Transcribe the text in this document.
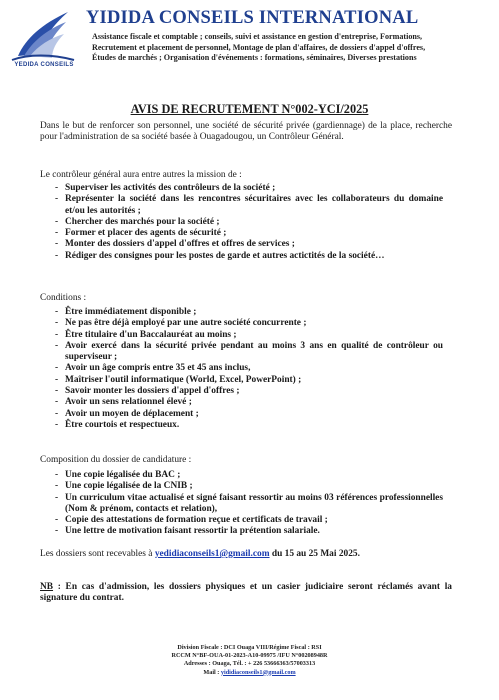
YEDIDA CONSEILS
YIDIDA CONSEILS INTERNATIONAL
Assistance fiscale et comptable ; conseils, suivi et assistance en gestion d'entreprise, Formations,
Recrutement et placement de personnel, Montage de plan d'affaires, de dossiers d'appel d'offres,
Études de marchés ; Organisation d'événements : formations, séminaires, Diverses prestations
AVIS DE RECRUTEMENT N°002-YCI/2025
Dans le but de renforcer son personnel, une société de sécurité privée (gardiennage) de la place, recherche pour l'administration de sa société basée à Ouagadougou, un Contrôleur Général.
Le contrôleur général aura entre autres la mission de :
- Superviser les activités des contrôleurs de la société ;
- Représenter la société dans les rencontres sécuritaires avec les collaborateurs du domaine et/ou les autorités ;
- Chercher des marchés pour la société ;
- Former et placer des agents de sécurité ;
- Monter des dossiers d'appel d'offres et offres de services ;
- Rédiger des consignes pour les postes de garde et autres actictités de la société…
Conditions :
- Être immédiatement disponible ;
- Ne pas être déjà employé par une autre société concurrente ;
- Être titulaire d'un Baccalauréat au moins ;
- Avoir exercé dans la sécurité privée pendant au moins 3 ans en qualité de contrôleur ou superviseur ;
- Avoir un âge compris entre 35 et 45 ans inclus,
- Maîtriser l'outil informatique (World, Excel, PowerPoint) ;
- Savoir monter les dossiers d'appel d'offres ;
- Avoir un sens relationnel élevé ;
- Avoir un moyen de déplacement ;
- Être courtois et respectueux.
Composition du dossier de candidature :
- Une copie légalisée du BAC ;
- Une copie légalisée de la CNIB ;
- Un curriculum vitae actualisé et signé faisant ressortir au moins 03 références professionnelles (Nom & prénom, contacts et relation),
- Copie des attestations de formation reçue et certificats de travail ;
- Une lettre de motivation faisant ressortir la prétention salariale.
Les dossiers sont recevables à yedidiaconseils1@gmail.com du 15 au 25 Mai 2025.
NB : En cas d'admission, les dossiers physiques et un casier judiciaire seront réclamés avant la signature du contrat.
Division Fiscale : DCI Ouaga VIII/Régime Fiscal : RSI
RCCM N°BF-OUA-01-2023-A10-09975 /IFU N°00208948R
Adresses : Ouaga, Tél. : + 226 53666363/57003313
Mail : yididiaconseils1@gmail.com
